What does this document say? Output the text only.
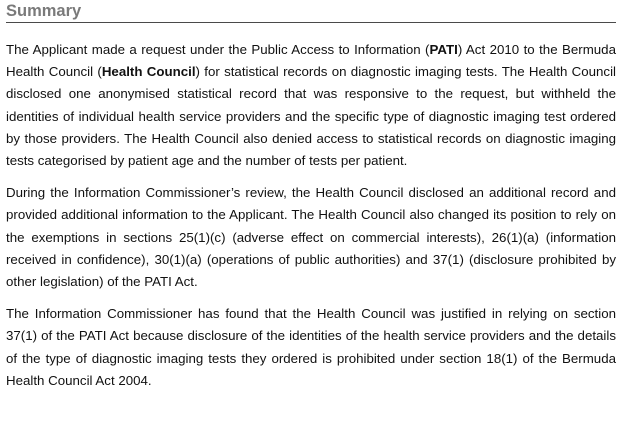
Summary

The Applicant made a request under the Public Access to Information (PATI) Act 2010 to the Bermuda Health Council (Health Council) for statistical records on diagnostic imaging tests. The Health Council disclosed one anonymised statistical record that was responsive to the request, but withheld the identities of individual health service providers and the specific type of diagnostic imaging test ordered by those providers. The Health Council also denied access to statistical records on diagnostic imaging tests categorised by patient age and the number of tests per patient.

During the Information Commissioner’s review, the Health Council disclosed an additional record and provided additional information to the Applicant. The Health Council also changed its position to rely on the exemptions in sections 25(1)(c) (adverse effect on commercial interests), 26(1)(a) (information received in confidence), 30(1)(a) (operations of public authorities) and 37(1) (disclosure prohibited by other legislation) of the PATI Act.

The Information Commissioner has found that the Health Council was justified in relying on section 37(1) of the PATI Act because disclosure of the identities of the health service providers and the details of the type of diagnostic imaging tests they ordered is prohibited under section 18(1) of the Bermuda Health Council Act 2004.
